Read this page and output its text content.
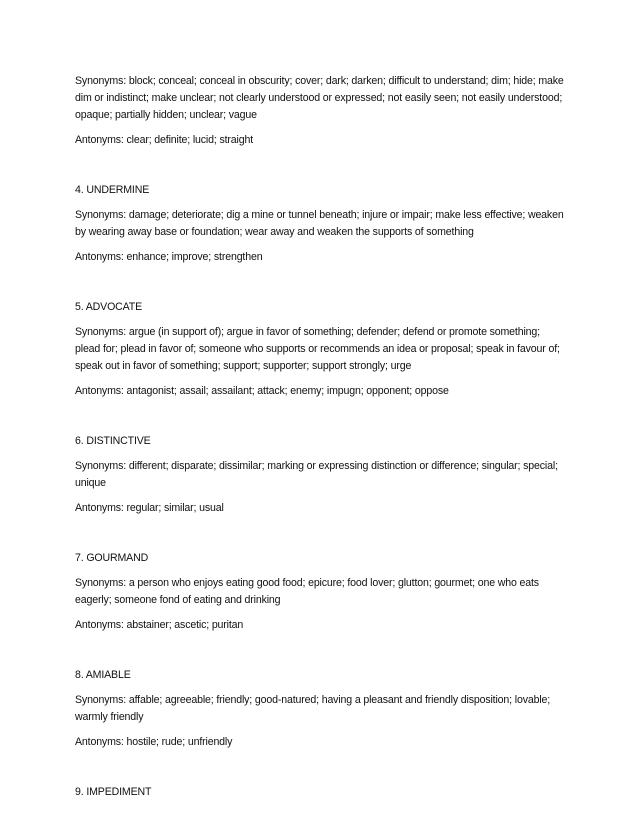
Synonyms: block; conceal; conceal in obscurity; cover; dark; darken; difficult to understand; dim; hide; make dim or indistinct; make unclear; not clearly understood or expressed; not easily seen; not easily understood; opaque; partially hidden; unclear; vague

Antonyms: clear; definite; lucid; straight

4. UNDERMINE

Synonyms: damage; deteriorate; dig a mine or tunnel beneath; injure or impair; make less effective; weaken by wearing away base or foundation; wear away and weaken the supports of something

Antonyms: enhance; improve; strengthen

5. ADVOCATE

Synonyms: argue (in support of); argue in favor of something; defender; defend or promote something; plead for; plead in favor of; someone who supports or recommends an idea or proposal; speak in favour of; speak out in favor of something; support; supporter; support strongly; urge

Antonyms: antagonist; assail; assailant; attack; enemy; impugn; opponent; oppose

6. DISTINCTIVE

Synonyms: different; disparate; dissimilar; marking or expressing distinction or difference; singular; special; unique

Antonyms: regular; similar; usual

7. GOURMAND

Synonyms: a person who enjoys eating good food; epicure; food lover; glutton; gourmet; one who eats eagerly; someone fond of eating and drinking

Antonyms: abstainer; ascetic; puritan

8. AMIABLE

Synonyms: affable; agreeable; friendly; good-natured; having a pleasant and friendly disposition; lovable; warmly friendly

Antonyms: hostile; rude; unfriendly

9. IMPEDIMENT
